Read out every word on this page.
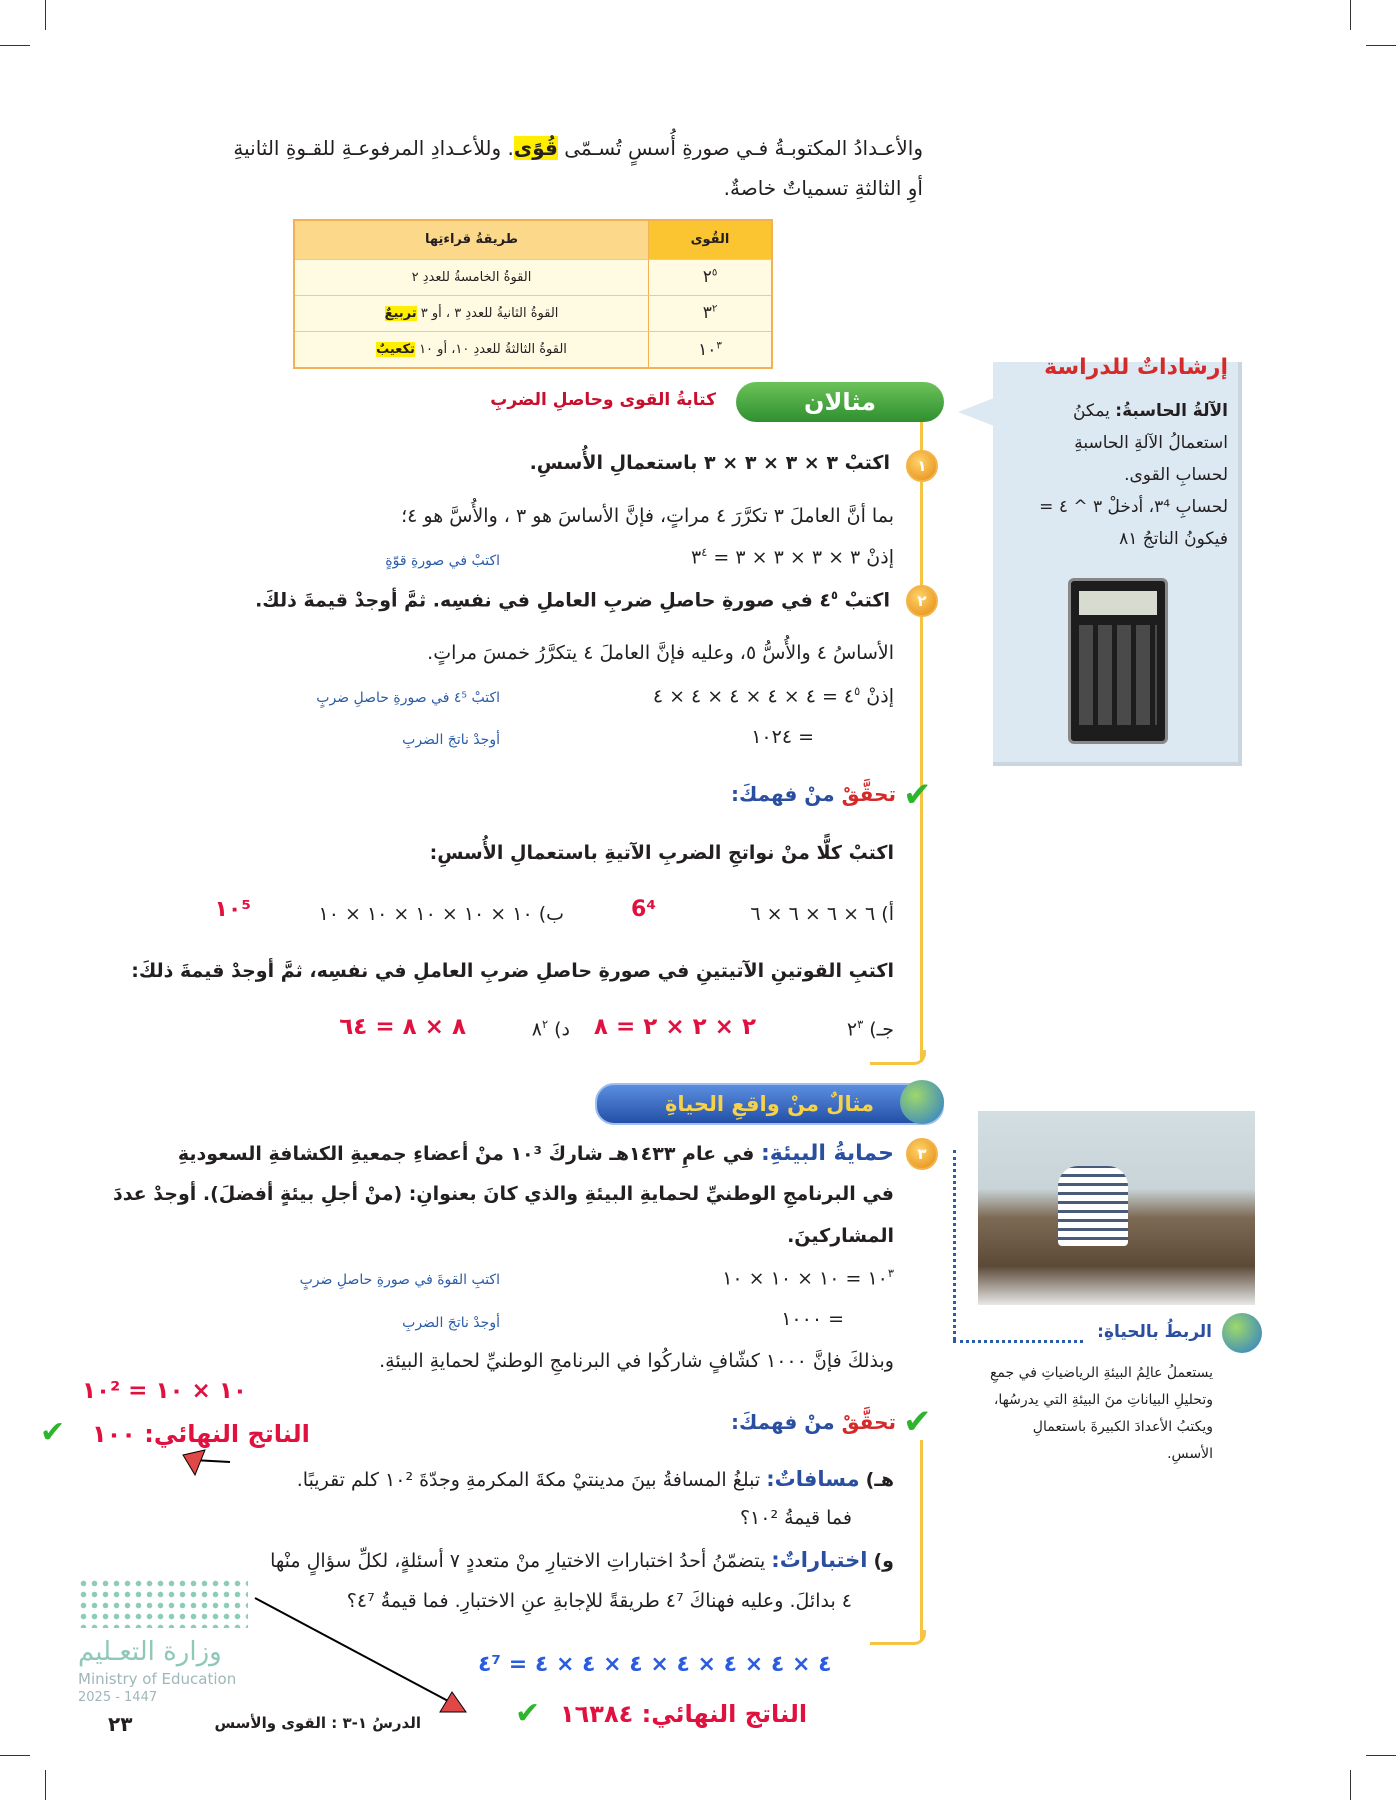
والأعـدادُ المكتوبـةُ فـي صورةِ أُسسٍ تُسـمّى قُوًى. وللأعـدادِ المرفوعـةِ للقـوةِ الثانيةِ
أوِ الثالثةِ تسمياتٌ خاصةٌ.
القُوى	طريقةُ قراءتِها
$٢^٥$	القوةُ الخامسةُ للعددِ ٢
$٣^٢$	القوةُ الثانيةُ للعددِ ٣ ، أو ٣ تربيعٌ
$١٠^٣$	القوةُ الثالثةُ للعددِ ١٠، أو ١٠ تكعيبٌ
إرشاداتٌ للدراسة
الآلةُ الحاسبةُ: يمكنُ
استعمالُ الآلةِ الحاسبةِ
لحسابِ القوى.
لحسابِ ٣⁴، أدخلْ ٣ ^ ٤ =
فيكونُ الناتجُ ٨١
مثالان
كتابةُ القوى وحاصلِ الضربِ
١
اكتبْ ٣ × ٣ × ٣ × ٣ باستعمالِ الأُسسِ.
بما أنَّ العاملَ ٣ تكرَّرَ ٤ مراتٍ، فإنَّ الأساسَ هو ٣ ، والأُسَّ هو ٤؛
إذنْ ٣ × ٣ × ٣ × ٣ = $٣^٤$
اكتبْ في صورةِ قوّةٍ
٢
اكتبْ $٤^٥$ في صورةِ حاصلِ ضربِ العاملِ في نفسِه. ثمَّ أوجدْ قيمةَ ذلكَ.
الأساسُ ٤ والأُسُّ ٥، وعليه فإنَّ العاملَ ٤ يتكرَّرُ خمسَ مراتٍ.
إذنْ $٤^٥$ = ٤ × ٤ × ٤ × ٤ × ٤
= ١٠٢٤
اكتبْ ٤⁵ في صورةِ حاصلِ ضربٍ
أوجدْ ناتجَ الضربِ
✔
تحقَّقْ منْ فهمكَ:
اكتبْ كلًّا منْ نواتجِ الضربِ الآتيةِ باستعمالِ الأُسسِ:
أ) ٦ × ٦ × ٦ × ٦
6⁴
ب) ١٠ × ١٠ × ١٠ × ١٠ × ١٠
١٠⁵
اكتبِ القوتينِ الآتيتينِ في صورةِ حاصلِ ضربِ العاملِ في نفسِه، ثمَّ أوجدْ قيمةَ ذلكَ:
جـ) $٢^٣$
٢ × ٢ × ٢ = ٨
د) $٨^٢$
٨ × ٨ = ٦٤
مثالٌ منْ واقعِ الحياةِ
٣
حمايةُ البيئةِ: في عامِ ١٤٣٣هـ شاركَ ١٠³ منْ أعضاءِ جمعيةِ الكشافةِ السعوديةِ
في البرنامجِ الوطنيِّ لحمايةِ البيئةِ والذي كانَ بعنوانِ: (منْ أجلِ بيئةٍ أفضلَ). أوجدْ عددَ
المشاركينَ.
$١٠^٣$ = ١٠ × ١٠ × ١٠
= ١٠٠٠
اكتبِ القوةَ في صورةِ حاصلِ ضربٍ
أوجدْ ناتجَ الضربِ
وبذلكَ فإنَّ ١٠٠٠ كشّافٍ شاركُوا في البرنامجِ الوطنيِّ لحمايةِ البيئةِ.
الربطُ بالحياةِ:
يستعملُ عالِمُ البيئةِ الرياضياتِ في جمعِ
وتحليلِ البياناتِ منَ البيئةِ التي يدرسُها،
ويكتبُ الأعدادَ الكبيرةَ باستعمالِ
الأسسِ.
✔
تحقَّقْ منْ فهمكَ:
هـ) مسافاتٌ: تبلغُ المسافةُ بينَ مدينتيْ مكةَ المكرمةِ وجدّةَ ١٠² كلم تقريبًا.
فما قيمةُ ١٠²؟
و) اختباراتٌ: يتضمّنُ أحدُ اختباراتِ الاختيارِ منْ متعددٍ ٧ أسئلةٍ، لكلِّ سؤالٍ منْها
٤ بدائلَ. وعليه فهناكَ ٤⁷ طريقةً للإجابةِ عنِ الاختبارِ. فما قيمةُ ٤⁷؟
١٠ × ١٠ = ١٠²
الناتج النهائي: ١٠٠
✔
٤ × ٤ × ٤ × ٤ × ٤ × ٤ × ٤ = ٤⁷
الناتج النهائي: ١٦٣٨٤
✔
وزارة التعـليم
Ministry of Education
2025 - 1447
الدرسُ ١-٣ : القوى والأسس
٢٣
